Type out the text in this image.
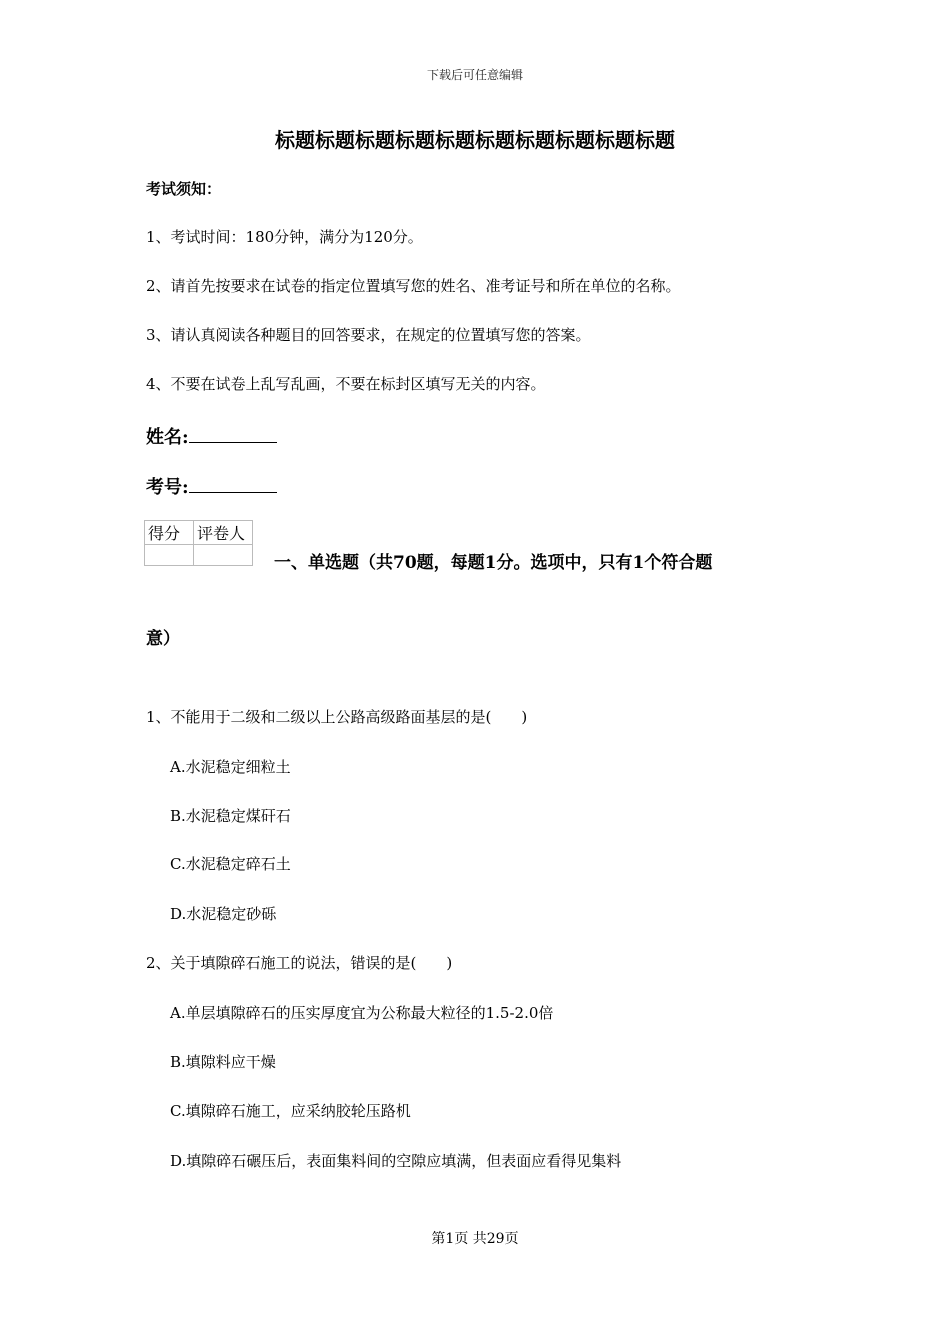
下载后可任意编辑
标题标题标题标题标题标题标题标题标题标题
考试须知：
1、考试时间：180分钟，满分为120分。
2、请首先按要求在试卷的指定位置填写您的姓名、准考证号和所在单位的名称。
3、请认真阅读各种题目的回答要求，在规定的位置填写您的答案。
4、不要在试卷上乱写乱画，不要在标封区填写无关的内容。
姓名:
考号:
得分	评卷人

一、单选题（共70题，每题1分。选项中，只有1个符合题
意）
1、不能用于二级和二级以上公路高级路面基层的是(　　)
A.水泥稳定细粒土
B.水泥稳定煤矸石
C.水泥稳定碎石土
D.水泥稳定砂砾
2、关于填隙碎石施工的说法，错误的是(　　)
A.单层填隙碎石的压实厚度宜为公称最大粒径的1.5-2.0倍
B.填隙料应干燥
C.填隙碎石施工，应采纳胶轮压路机
D.填隙碎石碾压后，表面集料间的空隙应填满，但表面应看得见集料
第1页 共29页
